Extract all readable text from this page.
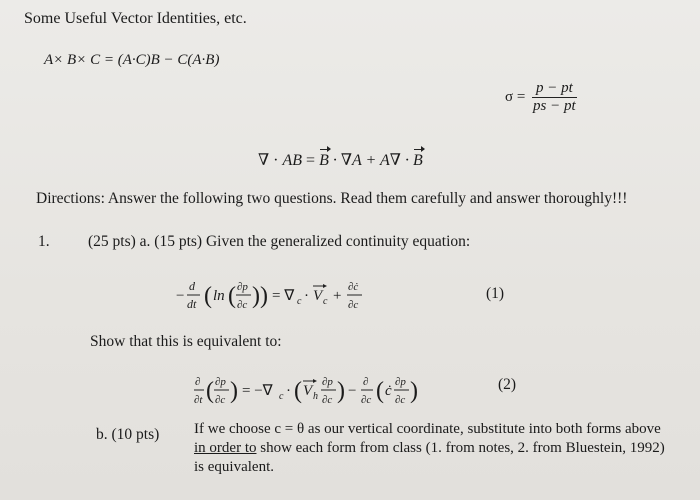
Some Useful Vector Identities, etc.
A× B× C = (A·C)B − C(A·B)
$\sigma = \frac{p - pt}{ps - pt}$
∇ · AB = B · ∇A + A∇ · B
Directions: Answer the following two questions. Read them carefully and answer thoroughly!!!
1. (25 pts) a. (15 pts) Given the generalized continuity equation:
−
d
dt ( ln ( ∂p
∂c ) ) = ∇ c · V c +
∂ċ
∂c
(1)
Show that this is equivalent to:
∂
∂t ( ∂p
∂c ) = −∇ c · ( V h
∂p
∂c ) −
∂
∂c ( ċ
∂p
∂c )	(2)
b. (10 pts) If we choose c = θ as our vertical coordinate, substitute into both forms above in order to show each form from class (1. from notes, 2. from Bluestein, 1992) is equivalent.
